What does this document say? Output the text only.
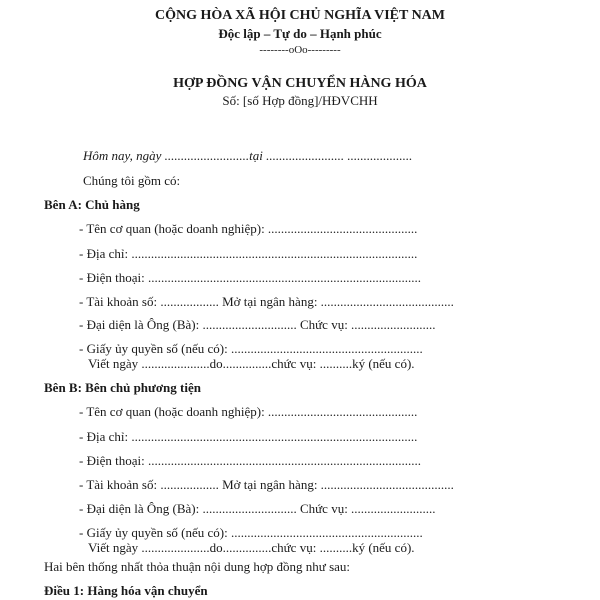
CỘNG HÒA XÃ HỘI CHỦ NGHĨA VIỆT NAM
Độc lập – Tự do – Hạnh phúc
--------oOo---------
HỢP ĐỒNG VẬN CHUYỂN HÀNG HÓA
Số: [số Hợp đồng]/HĐVCHH
Hôm nay, ngày ..........................tại ........................ ....................
Chúng tôi gồm có:
Bên A: Chủ hàng
- Tên cơ quan (hoặc doanh nghiệp): ..............................................
- Địa chỉ: ........................................................................................
- Điện thoại: ....................................................................................
- Tài khoản số: .................. Mở tại ngân hàng: .........................................
- Đại diện là Ông (Bà): ............................. Chức vụ: ..........................
- Giấy ủy quyền số (nếu có): ...........................................................
Viết ngày .....................do...............chức vụ: ..........ký (nếu có).
Bên B: Bên chủ phương tiện
- Tên cơ quan (hoặc doanh nghiệp): ..............................................
- Địa chỉ: ........................................................................................
- Điện thoại: ....................................................................................
- Tài khoản số: .................. Mở tại ngân hàng: .........................................
- Đại diện là Ông (Bà): ............................. Chức vụ: ..........................
- Giấy ủy quyền số (nếu có): ...........................................................
Viết ngày .....................do...............chức vụ: ..........ký (nếu có).
Hai bên thống nhất thỏa thuận nội dung hợp đồng như sau:
Điều 1: Hàng hóa vận chuyển
